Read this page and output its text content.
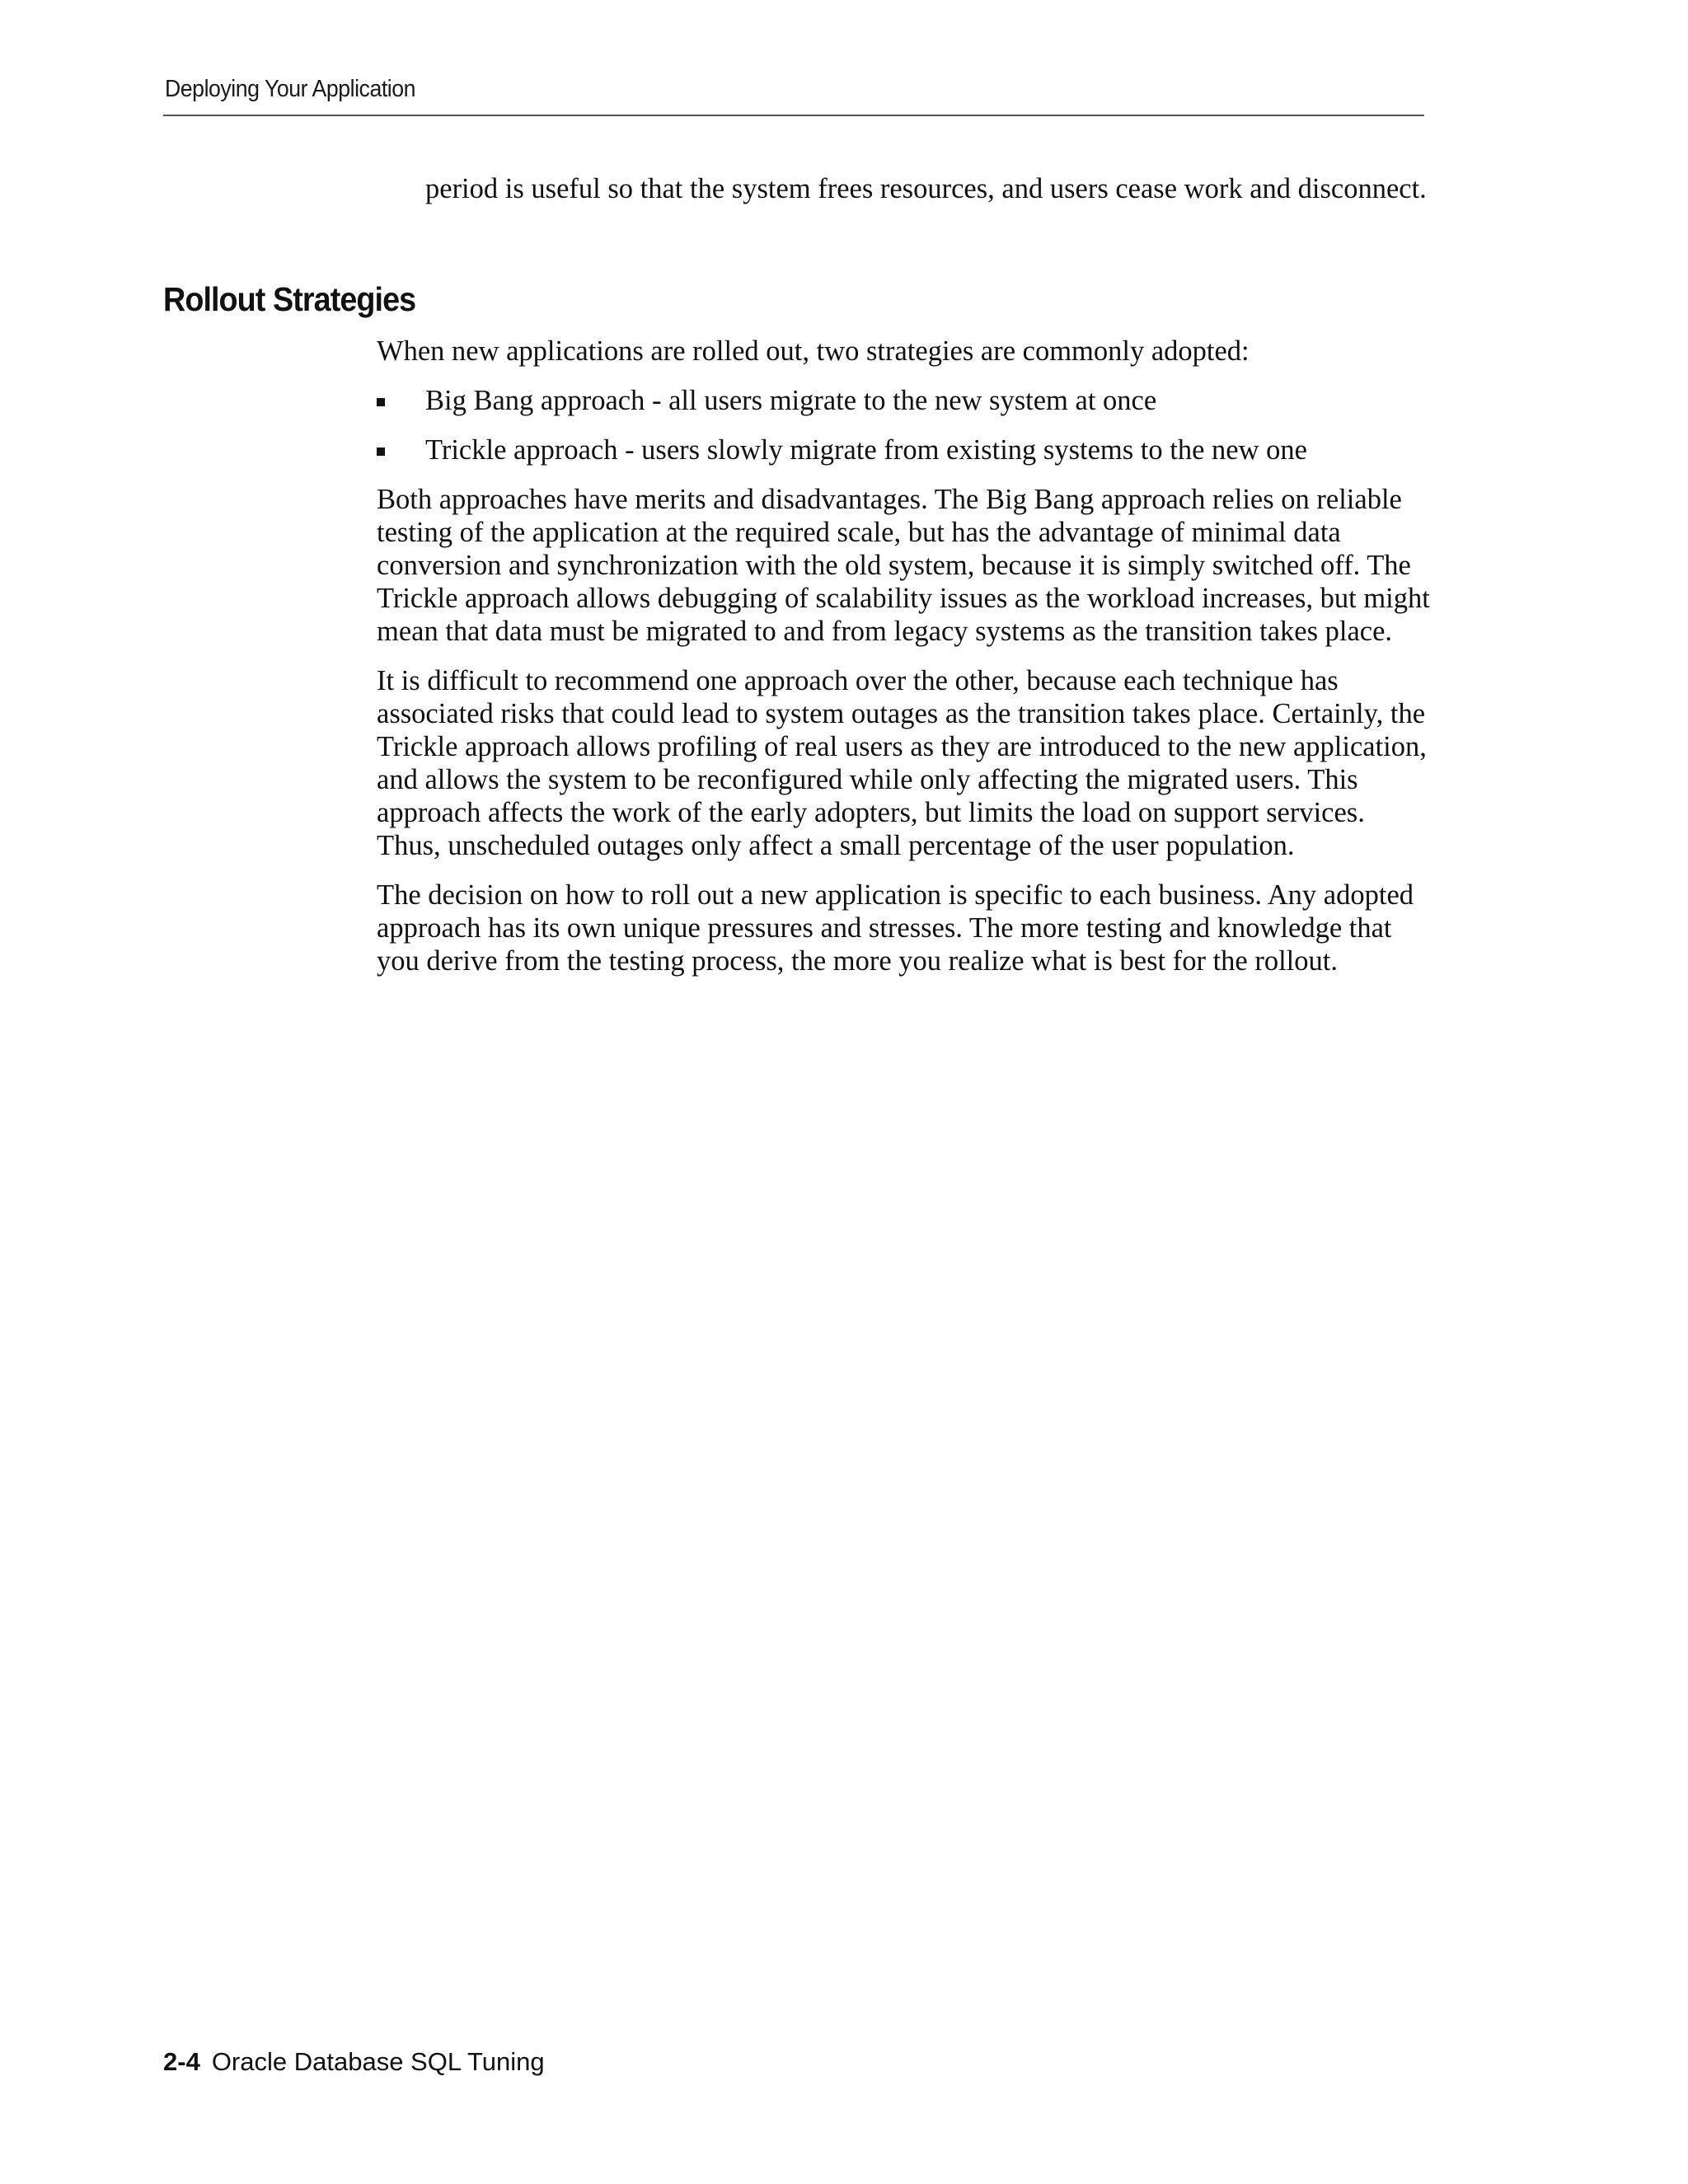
Deploying Your Application

period is useful so that the system frees resources, and users cease work and disconnect.

Rollout Strategies

When new applications are rolled out, two strategies are commonly adopted:

Big Bang approach - all users migrate to the new system at once
Trickle approach - users slowly migrate from existing systems to the new one

Both approaches have merits and disadvantages. The Big Bang approach relies on reliable testing of the application at the required scale, but has the advantage of minimal data conversion and synchronization with the old system, because it is simply switched off. The Trickle approach allows debugging of scalability issues as the workload increases, but might mean that data must be migrated to and from legacy systems as the transition takes place.

It is difficult to recommend one approach over the other, because each technique has associated risks that could lead to system outages as the transition takes place. Certainly, the Trickle approach allows profiling of real users as they are introduced to the new application, and allows the system to be reconfigured while only affecting the migrated users. This approach affects the work of the early adopters, but limits the load on support services. Thus, unscheduled outages only affect a small percentage of the user population.

The decision on how to roll out a new application is specific to each business. Any adopted approach has its own unique pressures and stresses. The more testing and knowledge that you derive from the testing process, the more you realize what is best for the rollout.

2-4 Oracle Database SQL Tuning
